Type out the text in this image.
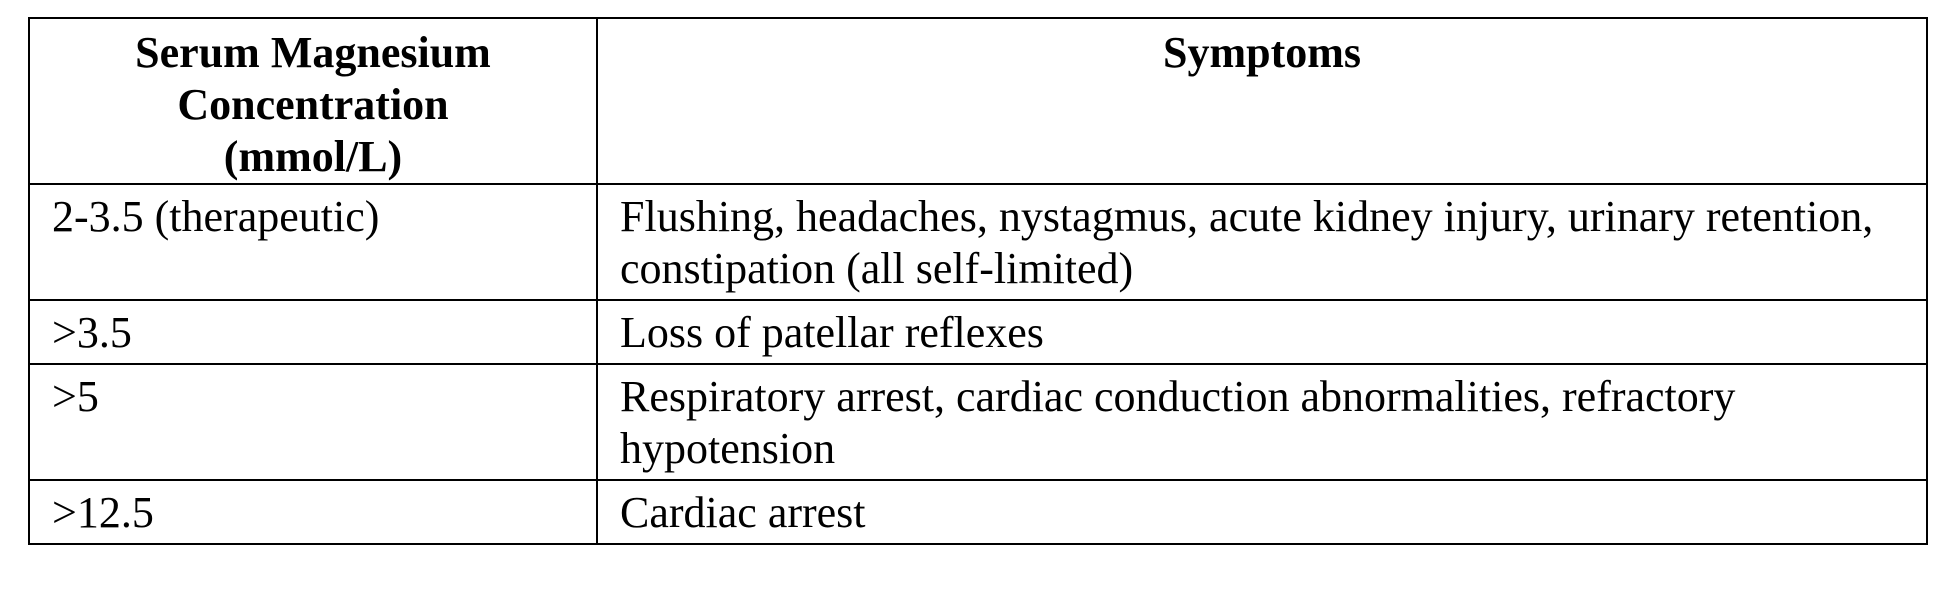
Serum Magnesium Concentration (mmol/L)	Symptoms
2-3.5 (therapeutic)	Flushing, headaches, nystagmus, acute kidney injury, urinary retention, constipation (all self-limited)
>3.5	Loss of patellar reflexes
>5	Respiratory arrest, cardiac conduction abnormalities, refractory hypotension
>12.5	Cardiac arrest
